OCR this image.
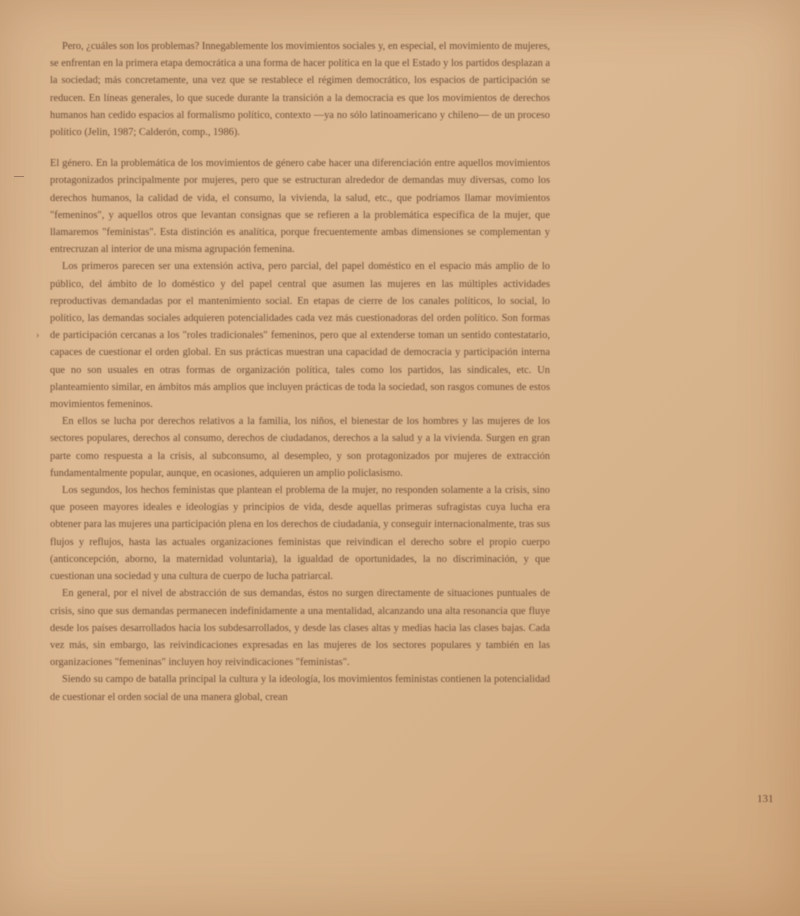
›

Pero, ¿cuáles son los problemas? Innegablemente los movimientos sociales y, en especial, el movimiento de mujeres, se enfrentan en la primera etapa democrática a una forma de hacer política en la que el Estado y los partidos desplazan a la sociedad; más concretamente, una vez que se restablece el régimen democrático, los espacios de participación se reducen. En líneas generales, lo que sucede durante la transición a la democracia es que los movimientos de derechos humanos han cedido espacios al formalismo político, contexto —ya no sólo latinoamericano y chileno— de un proceso político (Jelin, 1987; Calderón, comp., 1986).

El género. En la problemática de los movimientos de género cabe hacer una diferenciación entre aquellos movimientos protagonizados principalmente por mujeres, pero que se estructuran alrededor de demandas muy diversas, como los derechos humanos, la calidad de vida, el consumo, la vivienda, la salud, etc., que podríamos llamar movimientos "femeninos", y aquellos otros que levantan consignas que se refieren a la problemática específica de la mujer, que llamaremos "feministas". Esta distinción es analítica, porque frecuentemente ambas dimensiones se complementan y entrecruzan al interior de una misma agrupación femenina.

Los primeros parecen ser una extensión activa, pero parcial, del papel doméstico en el espacio más amplio de lo público, del ámbito de lo doméstico y del papel central que asumen las mujeres en las múltiples actividades reproductivas demandadas por el mantenimiento social. En etapas de cierre de los canales políticos, lo social, lo político, las demandas sociales adquieren potencialidades cada vez más cuestionadoras del orden político. Son formas de participación cercanas a los "roles tradicionales" femeninos, pero que al extenderse toman un sentido contestatario, capaces de cuestionar el orden global. En sus prácticas muestran una capacidad de democracia y participación interna que no son usuales en otras formas de organización política, tales como los partidos, las sindicales, etc. Un planteamiento similar, en ámbitos más amplios que incluyen prácticas de toda la sociedad, son rasgos comunes de estos movimientos femeninos.

En ellos se lucha por derechos relativos a la familia, los niños, el bienestar de los hombres y las mujeres de los sectores populares, derechos al consumo, derechos de ciudadanos, derechos a la salud y a la vivienda. Surgen en gran parte como respuesta a la crisis, al subconsumo, al desempleo, y son protagonizados por mujeres de extracción fundamentalmente popular, aunque, en ocasiones, adquieren un amplio policlasismo.

Los segundos, los hechos feministas que plantean el problema de la mujer, no responden solamente a la crisis, sino que poseen mayores ideales e ideologías y principios de vida, desde aquellas primeras sufragistas cuya lucha era obtener para las mujeres una participación plena en los derechos de ciudadanía, y conseguir internacionalmente, tras sus flujos y reflujos, hasta las actuales organizaciones feministas que reivindican el derecho sobre el propio cuerpo (anticoncepción, aborno, la maternidad voluntaria), la igualdad de oportunidades, la no discriminación, y que cuestionan una sociedad y una cultura de cuerpo de lucha patriarcal.

En general, por el nivel de abstracción de sus demandas, éstos no surgen directamente de situaciones puntuales de crisis, sino que sus demandas permanecen indefinidamente a una mentalidad, alcanzando una alta resonancia que fluye desde los países desarrollados hacia los subdesarrollados, y desde las clases altas y medias hacia las clases bajas. Cada vez más, sin embargo, las reivindicaciones expresadas en las mujeres de los sectores populares y también en las organizaciones "femeninas" incluyen hoy reivindicaciones "feministas".

Siendo su campo de batalla principal la cultura y la ideología, los movimientos feministas contienen la potencialidad de cuestionar el orden social de una manera global, crean

131
